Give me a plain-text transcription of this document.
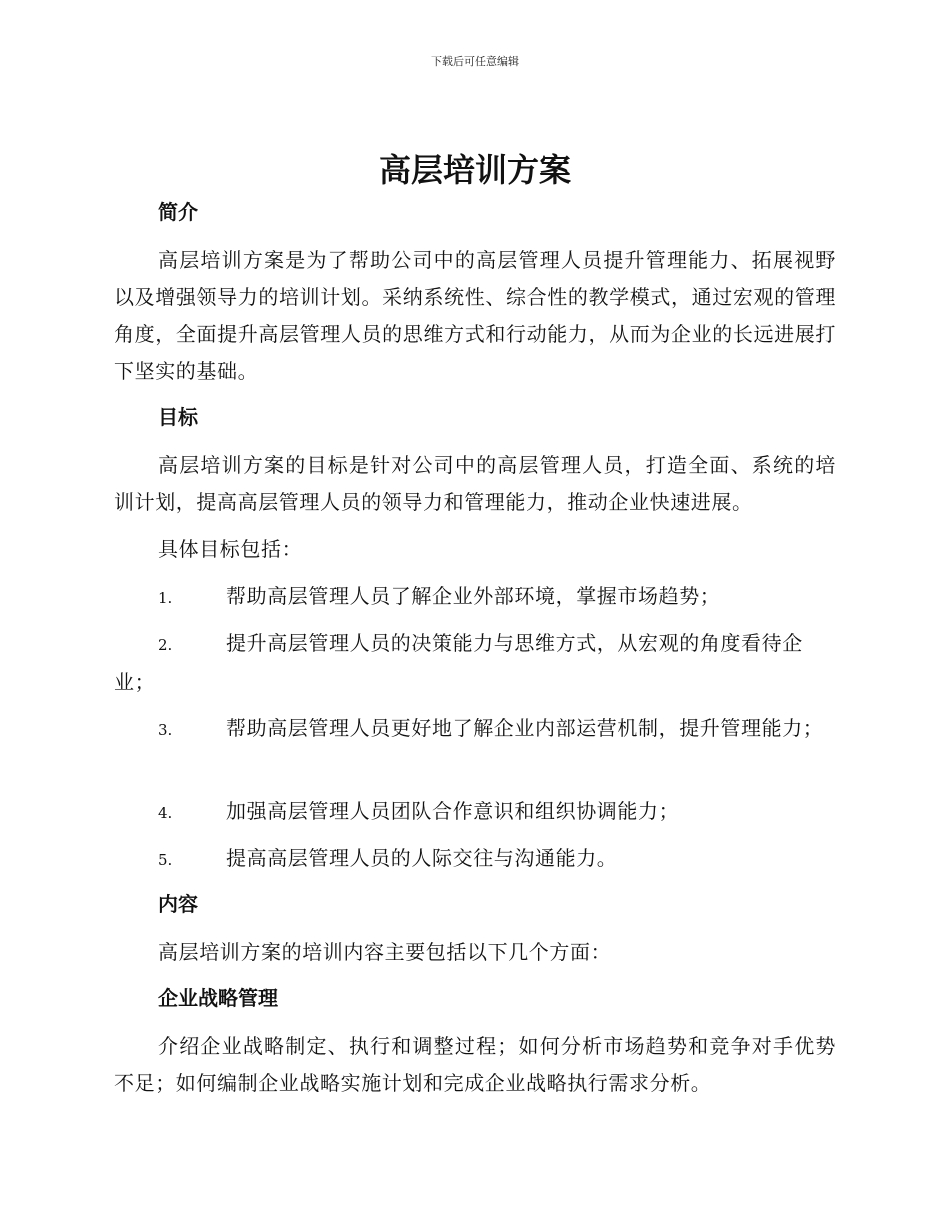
下载后可任意编辑
高层培训方案
简介

高层培训方案是为了帮助公司中的高层管理人员提升管理能力、拓展视野以及增强领导力的培训计划。采纳系统性、综合性的教学模式，通过宏观的管理角度，全面提升高层管理人员的思维方式和行动能力，从而为企业的长远进展打下坚实的基础。

目标

高层培训方案的目标是针对公司中的高层管理人员，打造全面、系统的培训计划，提高高层管理人员的领导力和管理能力，推动企业快速进展。

具体目标包括：

1.	帮助高层管理人员了解企业外部环境，掌握市场趋势；

2.	提升高层管理人员的决策能力与思维方式，从宏观的角度看待企业；

3.	帮助高层管理人员更好地了解企业内部运营机制，提升管理能力；

4.	加强高层管理人员团队合作意识和组织协调能力；

5.	提高高层管理人员的人际交往与沟通能力。

内容

高层培训方案的培训内容主要包括以下几个方面：

企业战略管理

介绍企业战略制定、执行和调整过程；如何分析市场趋势和竞争对手优势不足；如何编制企业战略实施计划和完成企业战略执行需求分析。
